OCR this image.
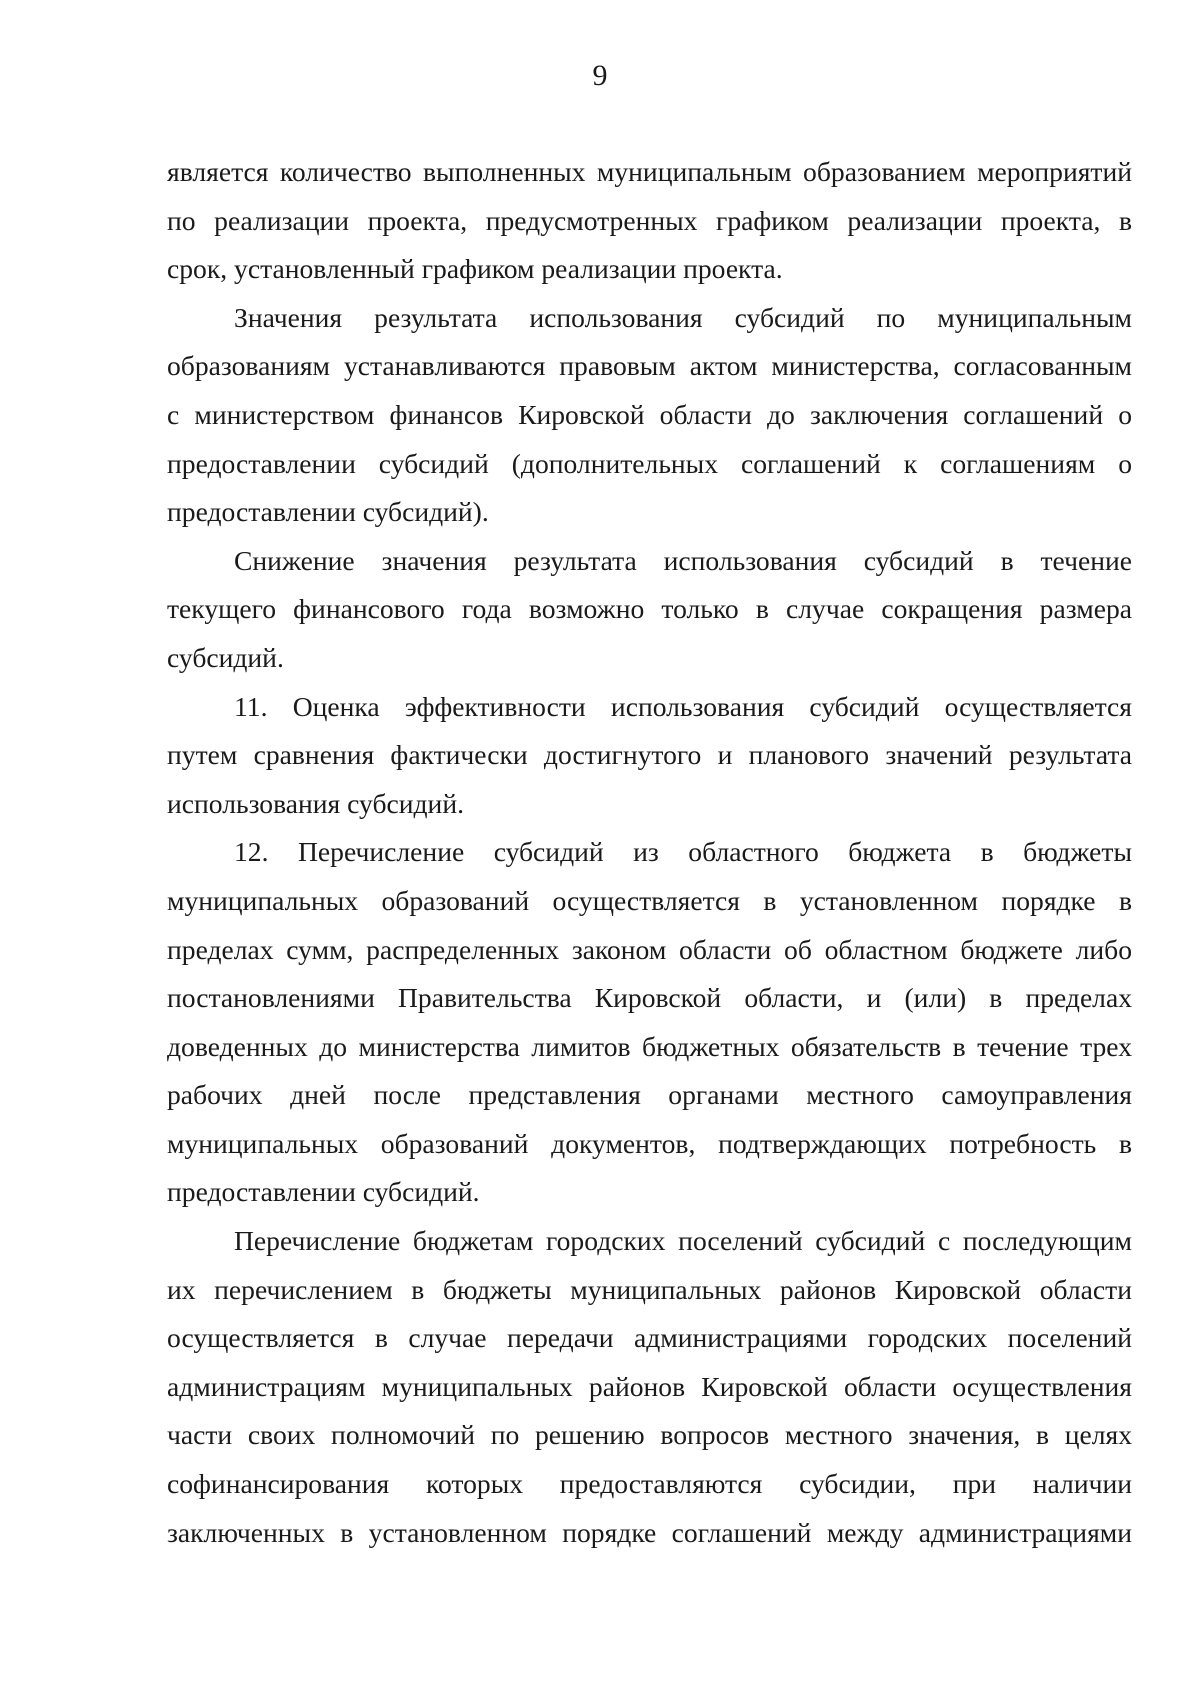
9
является количество выполненных муниципальным образованием мероприятий
по реализации проекта, предусмотренных графиком реализации проекта, в
срок, установленный графиком реализации проекта.
Значения результата использования субсидий по муниципальным
образованиям устанавливаются правовым актом министерства, согласованным
с министерством финансов Кировской области до заключения соглашений о
предоставлении субсидий (дополнительных соглашений к соглашениям о
предоставлении субсидий).
Снижение значения результата использования субсидий в течение
текущего финансового года возможно только в случае сокращения размера
субсидий.
11. Оценка эффективности использования субсидий осуществляется
путем сравнения фактически достигнутого и планового значений результата
использования субсидий.
12. Перечисление субсидий из областного бюджета в бюджеты
муниципальных образований осуществляется в установленном порядке в
пределах сумм, распределенных законом области об областном бюджете либо
постановлениями Правительства Кировской области, и (или) в пределах
доведенных до министерства лимитов бюджетных обязательств в течение трех
рабочих дней после представления органами местного самоуправления
муниципальных образований документов, подтверждающих потребность в
предоставлении субсидий.
Перечисление бюджетам городских поселений субсидий с последующим
их перечислением в бюджеты муниципальных районов Кировской области
осуществляется в случае передачи администрациями городских поселений
администрациям муниципальных районов Кировской области осуществления
части своих полномочий по решению вопросов местного значения, в целях
софинансирования которых предоставляются субсидии, при наличии
заключенных в установленном порядке соглашений между администрациями
